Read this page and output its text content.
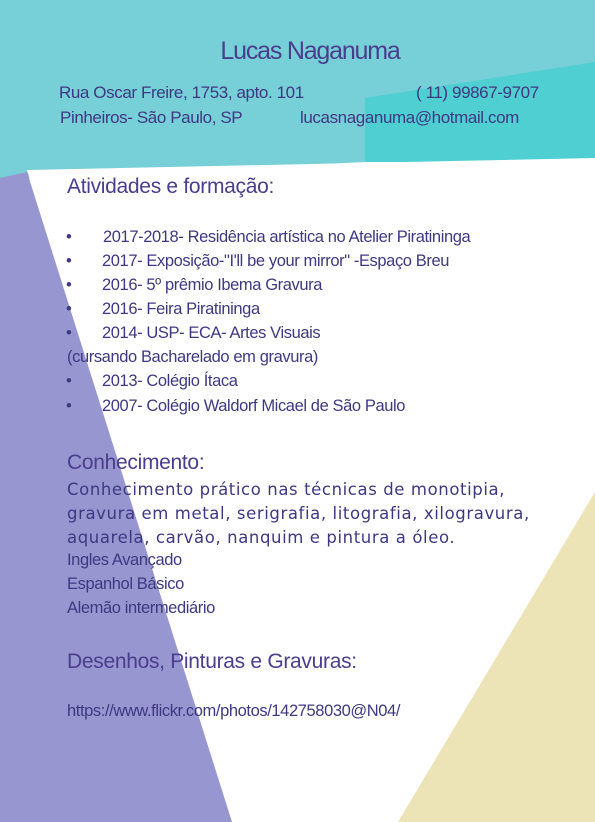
Lucas Naganuma
Rua Oscar Freire, 1753, apto. 101	( 11) 99867-9707
Pinheiros- São Paulo, SP	lucasnaganuma@hotmail.com
Atividades e formação:
• 2017-2018- Residência artística no Atelier Piratininga
• 2017- Exposição-"I'll be your mirror" -Espaço Breu
• 2016- 5º prêmio Ibema Gravura
• 2016- Feira Piratininga
• 2014- USP- ECA- Artes Visuais
(cursando Bacharelado em gravura)
• 2013- Colégio Ítaca
• 2007- Colégio Waldorf Micael de São Paulo
Conhecimento:
Conhecimento prático nas técnicas de monotipia,
gravura em metal, serigrafia, litografia, xilogravura,
aquarela, carvão, nanquim e pintura a óleo.
Ingles Avançado
Espanhol Básico
Alemão intermediário
Desenhos, Pinturas e Gravuras:
https://www.flickr.com/photos/142758030@N04/
